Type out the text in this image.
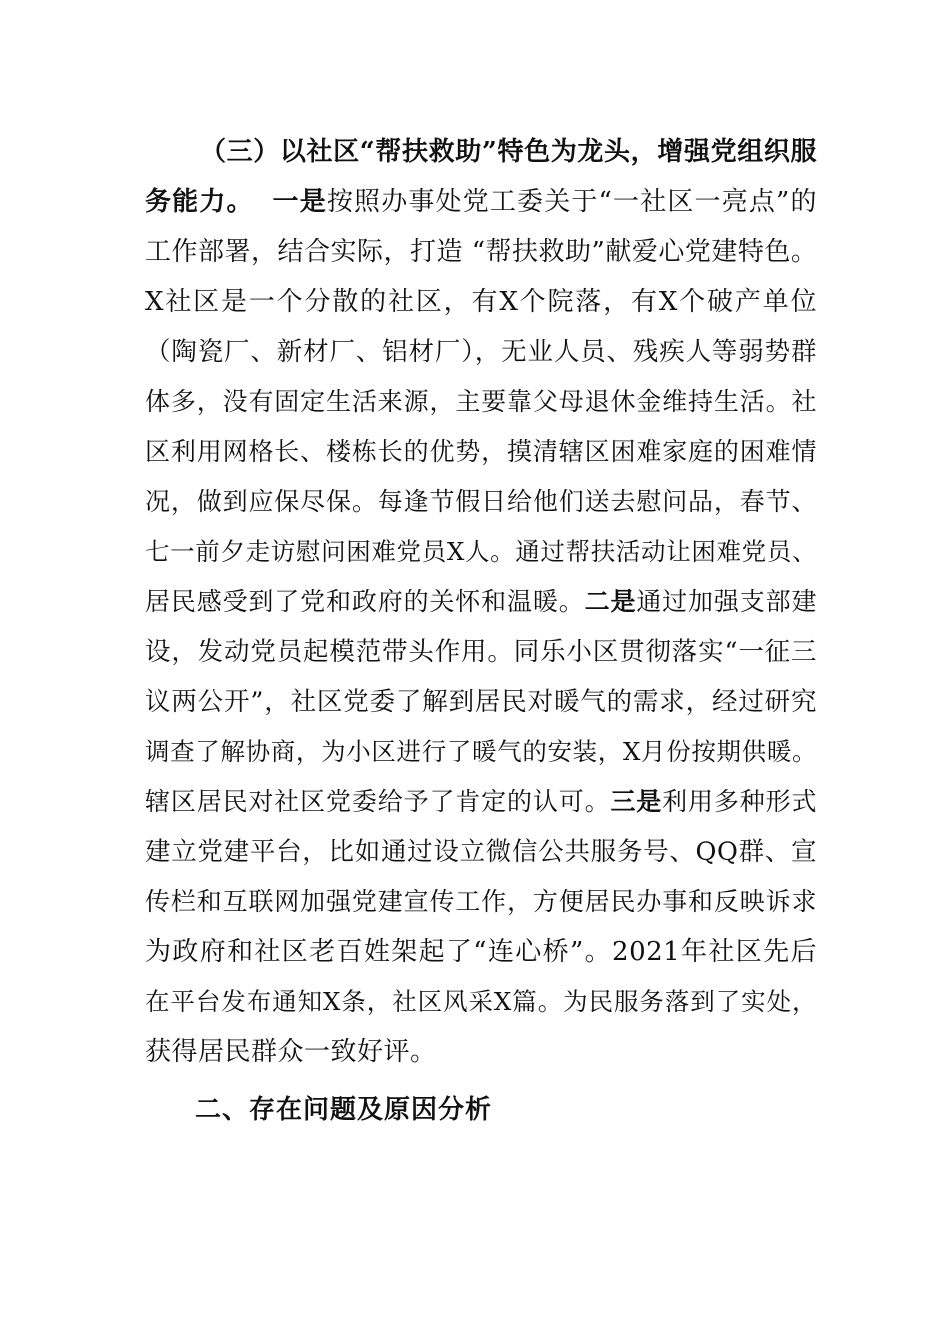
（三）以社区“帮扶救助”特色为龙头，增强党组织服
务能力。 一是按照办事处党工委关于“一社区一亮点”的
工作部署，结合实际，打造 “帮扶救助”献爱心党建特色。
X社区是一个分散的社区，有X个院落，有X个破产单位
（陶瓷厂、新材厂、铝材厂），无业人员、残疾人等弱势群
体多，没有固定生活来源，主要靠父母退休金维持生活。社
区利用网格长、楼栋长的优势，摸清辖区困难家庭的困难情
况，做到应保尽保。每逢节假日给他们送去慰问品，春节、
七一前夕走访慰问困难党员X人。通过帮扶活动让困难党员、
居民感受到了党和政府的关怀和温暖。二是通过加强支部建
设，发动党员起模范带头作用。同乐小区贯彻落实“一征三
议两公开”，社区党委了解到居民对暖气的需求，经过研究
调查了解协商，为小区进行了暖气的安装，X月份按期供暖。
辖区居民对社区党委给予了肯定的认可。三是利用多种形式
建立党建平台，比如通过设立微信公共服务号、QQ群、宣
传栏和互联网加强党建宣传工作，方便居民办事和反映诉求
为政府和社区老百姓架起了“连心桥”。2021年社区先后
在平台发布通知X条，社区风采X篇。为民服务落到了实处，
获得居民群众一致好评。
二、存在问题及原因分析
